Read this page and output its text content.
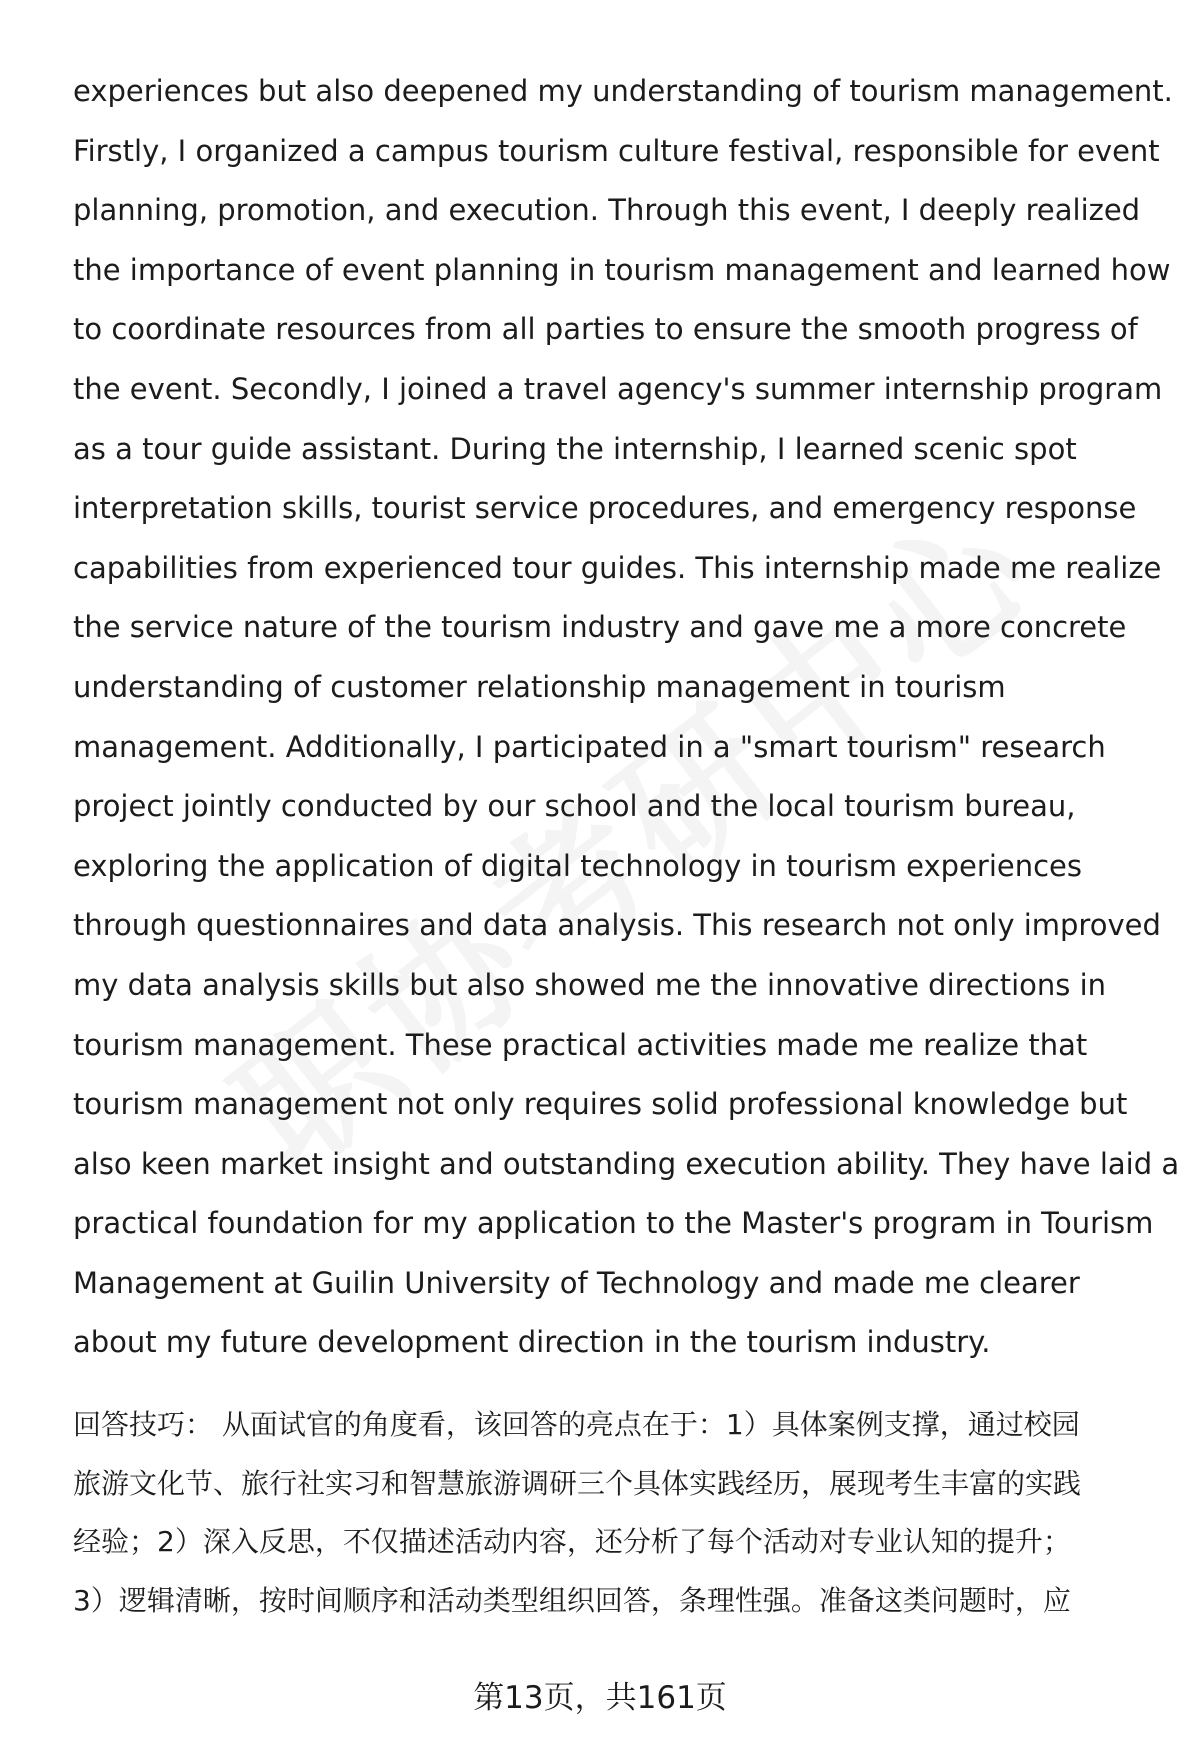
experiences but also deepened my understanding of tourism management.
Firstly, I organized a campus tourism culture festival, responsible for event
planning, promotion, and execution. Through this event, I deeply realized
the importance of event planning in tourism management and learned how
to coordinate resources from all parties to ensure the smooth progress of
the event. Secondly, I joined a travel agency's summer internship program
as a tour guide assistant. During the internship, I learned scenic spot
interpretation skills, tourist service procedures, and emergency response
capabilities from experienced tour guides. This internship made me realize
the service nature of the tourism industry and gave me a more concrete
understanding of customer relationship management in tourism
management. Additionally, I participated in a "smart tourism" research
project jointly conducted by our school and the local tourism bureau,
exploring the application of digital technology in tourism experiences
through questionnaires and data analysis. This research not only improved
my data analysis skills but also showed me the innovative directions in
tourism management. These practical activities made me realize that
tourism management not only requires solid professional knowledge but
also keen market insight and outstanding execution ability. They have laid a
practical foundation for my application to the Master's program in Tourism
Management at Guilin University of Technology and made me clearer
about my future development direction in the tourism industry.
回答技巧： 从面试官的角度看，该回答的亮点在于：1）具体案例支撑，通过校园
旅游文化节、旅行社实习和智慧旅游调研三个具体实践经历，展现考生丰富的实践
经验；2）深入反思，不仅描述活动内容，还分析了每个活动对专业认知的提升；
3）逻辑清晰，按时间顺序和活动类型组织回答，条理性强。准备这类问题时，应
第13页，共161页
